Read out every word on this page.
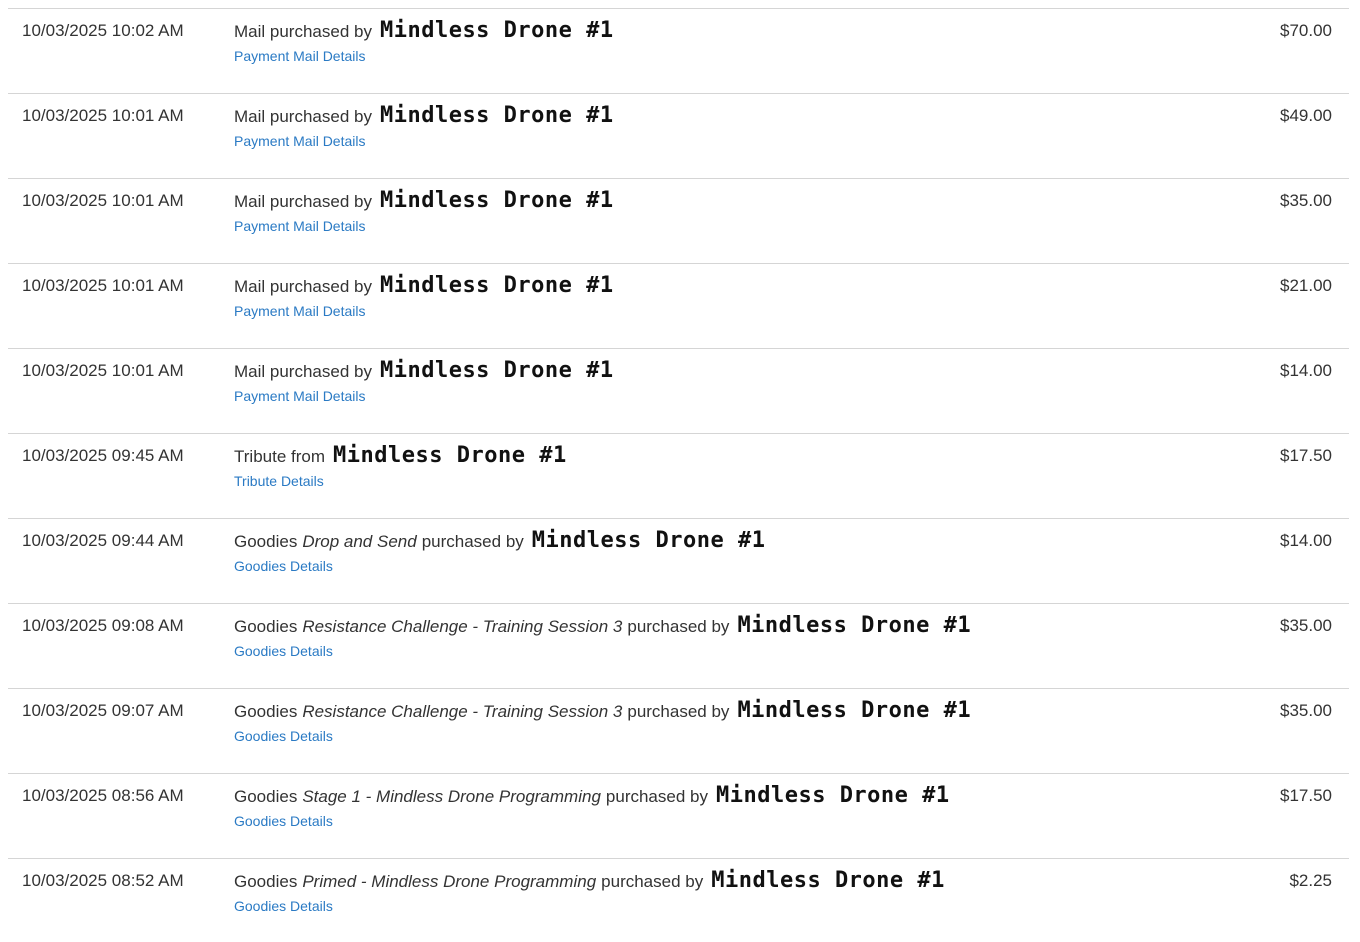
10/03/2025 10:02 AM	Mail purchased by Mindless Drone #1
Payment Mail Details
$70.00
10/03/2025 10:01 AM	Mail purchased by Mindless Drone #1
Payment Mail Details
$49.00
10/03/2025 10:01 AM	Mail purchased by Mindless Drone #1
Payment Mail Details
$35.00
10/03/2025 10:01 AM	Mail purchased by Mindless Drone #1
Payment Mail Details
$21.00
10/03/2025 10:01 AM	Mail purchased by Mindless Drone #1
Payment Mail Details
$14.00
10/03/2025 09:45 AM	Tribute from Mindless Drone #1
Tribute Details
$17.50
10/03/2025 09:44 AM	Goodies Drop and Send purchased by Mindless Drone #1
Goodies Details
$14.00
10/03/2025 09:08 AM	Goodies Resistance Challenge - Training Session 3 purchased by Mindless Drone #1
Goodies Details
$35.00
10/03/2025 09:07 AM	Goodies Resistance Challenge - Training Session 3 purchased by Mindless Drone #1
Goodies Details
$35.00
10/03/2025 08:56 AM	Goodies Stage 1 - Mindless Drone Programming purchased by Mindless Drone #1
Goodies Details
$17.50
10/03/2025 08:52 AM	Goodies Primed - Mindless Drone Programming purchased by Mindless Drone #1
Goodies Details
$2.25
